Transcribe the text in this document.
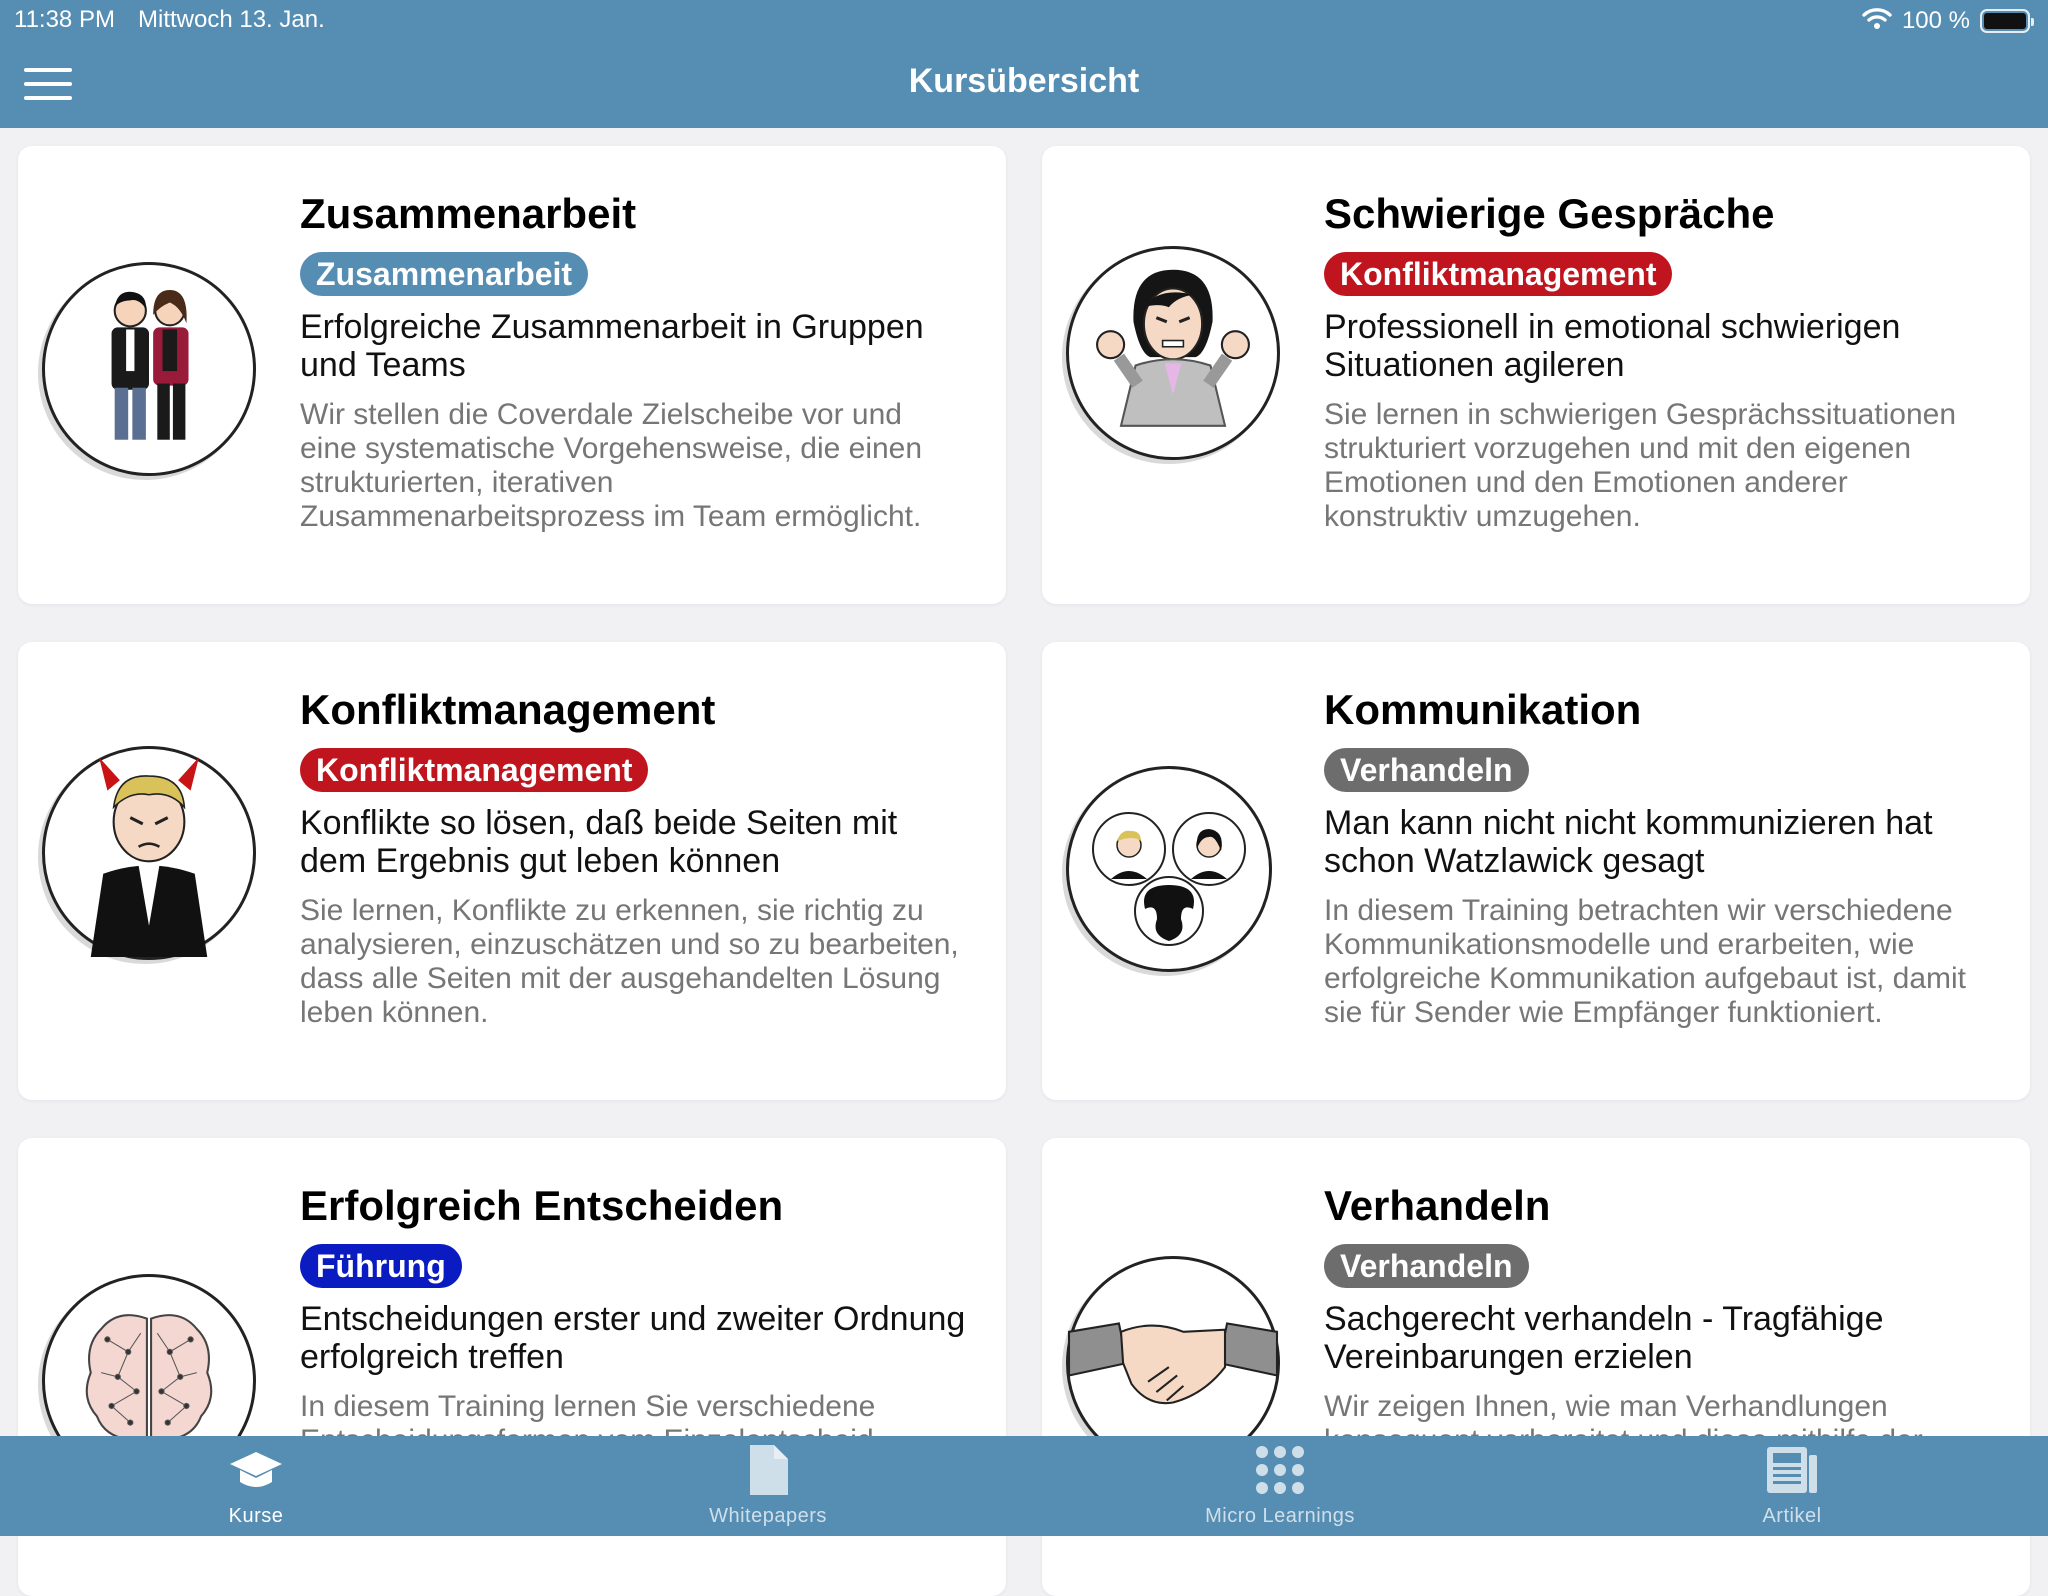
11:38 PM Mittwoch 13. Jan.	100 %
Kursübersicht
Zusammenarbeit
Zusammenarbeit
Erfolgreiche Zusammenarbeit in Gruppen und Teams
Wir stellen die Coverdale Zielscheibe vor und eine systematische Vorgehensweise, die einen strukturierten, iterativen Zusammenarbeitsprozess im Team ermöglicht.
Schwierige Gespräche
Konfliktmanagement
Professionell in emotional schwierigen Situationen agileren
Sie lernen in schwierigen Gesprächssituationen strukturiert vorzugehen und mit den eigenen Emotionen und den Emotionen anderer konstruktiv umzugehen.
Konfliktmanagement
Konfliktmanagement
Konflikte so lösen, daß beide Seiten mit dem Ergebnis gut leben können
Sie lernen, Konflikte zu erkennen, sie richtig zu analysieren, einzuschätzen und so zu bearbeiten, dass alle Seiten mit der ausgehandelten Lösung leben können.
Kommunikation
Verhandeln
Man kann nicht nicht kommunizieren hat schon Watzlawick gesagt
In diesem Training betrachten wir verschiedene Kommunikationsmodelle und erarbeiten, wie erfolgreiche Kommunikation aufgebaut ist, damit sie für Sender wie Empfänger funktioniert.
Erfolgreich Entscheiden
Führung
Entscheidungen erster und zweiter Ordnung erfolgreich treffen
In diesem Training lernen Sie verschiedene
Verhandeln
Verhandeln
Sachgerecht verhandeln - Tragfähige Vereinbarungen erzielen
Wir zeigen Ihnen, wie man Verhandlungen
Kurse	Whitepapers	Micro Learnings	Artikel
